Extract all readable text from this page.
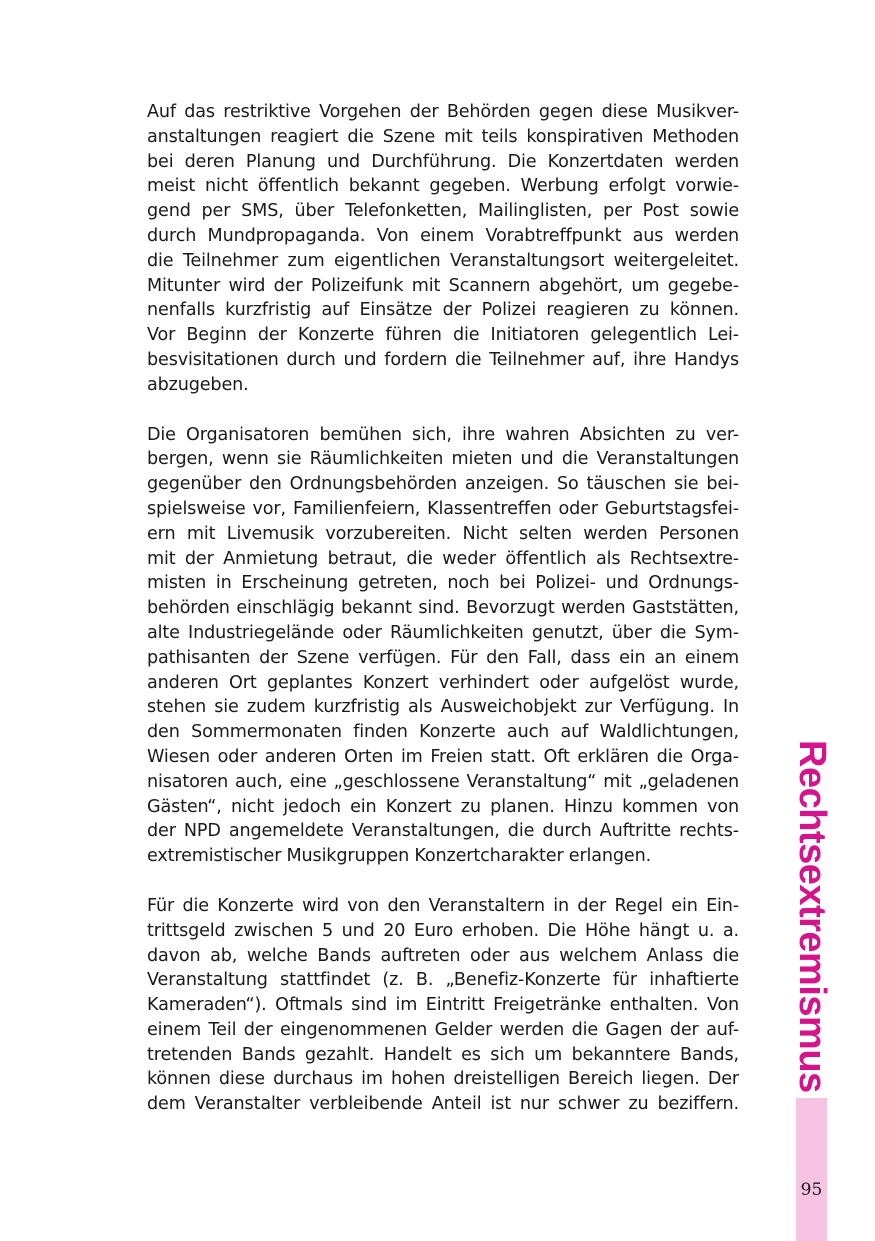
Auf das restriktive Vorgehen der Behörden gegen diese Musikver-
anstaltungen reagiert die Szene mit teils konspirativen Methoden
bei deren Planung und Durchführung. Die Konzertdaten werden
meist nicht öffentlich bekannt gegeben. Werbung erfolgt vorwie-
gend per SMS, über Telefonketten, Mailinglisten, per Post sowie
durch Mundpropaganda. Von einem Vorabtreffpunkt aus werden
die Teilnehmer zum eigentlichen Veranstaltungsort weitergeleitet.
Mitunter wird der Polizeifunk mit Scannern abgehört, um gegebe-
nenfalls kurzfristig auf Einsätze der Polizei reagieren zu können.
Vor Beginn der Konzerte führen die Initiatoren gelegentlich Lei-
besvisitationen durch und fordern die Teilnehmer auf, ihre Handys
abzugeben.

Die Organisatoren bemühen sich, ihre wahren Absichten zu ver-
bergen, wenn sie Räumlichkeiten mieten und die Veranstaltungen
gegenüber den Ordnungsbehörden anzeigen. So täuschen sie bei-
spielsweise vor, Familienfeiern, Klassentreffen oder Geburtstagsfei-
ern mit Livemusik vorzubereiten. Nicht selten werden Personen
mit der Anmietung betraut, die weder öffentlich als Rechtsextre-
misten in Erscheinung getreten, noch bei Polizei- und Ordnungs-
behörden einschlägig bekannt sind. Bevorzugt werden Gaststätten,
alte Industriegelände oder Räumlichkeiten genutzt, über die Sym-
pathisanten der Szene verfügen. Für den Fall, dass ein an einem
anderen Ort geplantes Konzert verhindert oder aufgelöst wurde,
stehen sie zudem kurzfristig als Ausweichobjekt zur Verfügung. In
den Sommermonaten finden Konzerte auch auf Waldlichtungen,
Wiesen oder anderen Orten im Freien statt. Oft erklären die Orga-
nisatoren auch, eine „geschlossene Veranstaltung“ mit „geladenen
Gästen“, nicht jedoch ein Konzert zu planen. Hinzu kommen von
der NPD angemeldete Veranstaltungen, die durch Auftritte rechts-
extremistischer Musikgruppen Konzertcharakter erlangen.

Für die Konzerte wird von den Veranstaltern in der Regel ein Ein-
trittsgeld zwischen 5 und 20 Euro erhoben. Die Höhe hängt u. a.
davon ab, welche Bands auftreten oder aus welchem Anlass die
Veranstaltung stattfindet (z. B. „Benefiz-Konzerte für inhaftierte
Kameraden“). Oftmals sind im Eintritt Freigetränke enthalten. Von
einem Teil der eingenommenen Gelder werden die Gagen der auf-
tretenden Bands gezahlt. Handelt es sich um bekanntere Bands,
können diese durchaus im hohen dreistelligen Bereich liegen. Der
dem Veranstalter verbleibende Anteil ist nur schwer zu beziffern.

Rechtsextremismus
95
